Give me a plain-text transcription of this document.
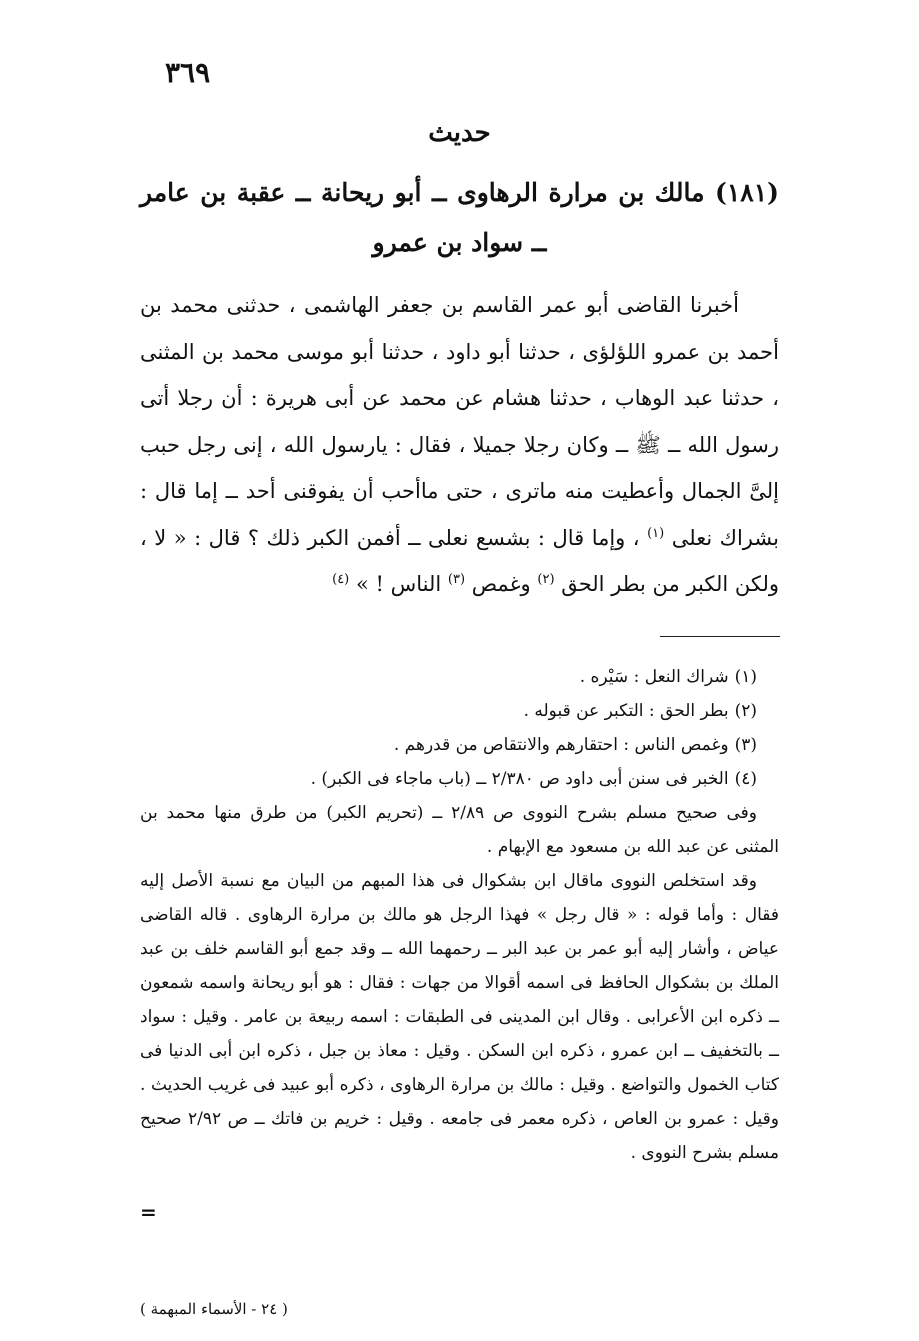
٣٦٩
حديث
(١٨١) مالك بن مرارة الرهاوى ــ أبو ريحانة ــ عقبة بن عامر ــ سواد بن عمرو

أخبرنا القاضى أبو عمر القاسم بن جعفر الهاشمى ، حدثنى محمد بن أحمد بن عمرو اللؤلؤى ، حدثنا أبو داود ، حدثنا أبو موسى محمد بن المثنى ، حدثنا عبد الوهاب ، حدثنا هشام عن محمد عن أبى هريرة : أن رجلا أتى رسول الله ــ ﷺ ــ وكان رجلا جميلا ، فقال : يارسول الله ، إنى رجل حبب إلىَّ الجمال وأعطيت منه ماترى ، حتى ماأحب أن يفوقنى أحد ــ إما قال : بشراك نعلى $^{(١)}$ ، وإما قال : بشسع نعلى ــ أفمن الكبر ذلك ؟ قال : « لا ، ولكن الكبر من بطر الحق $^{(٢)}$ وغمص $^{(٣)}$ الناس ! » $^{(٤)}$

(١)شراك النعل : سَيْره .
(٢)بطر الحق : التكبر عن قبوله .
(٣)وغمص الناس : احتقارهم والانتقاص من قدرهم .
(٤)الخبر فى سنن أبى داود ص ٢/٣٨٠ ــ (باب ماجاء فى الكبر) .

وفى صحيح مسلم بشرح النووى ص ٢/٨٩ ــ (تحريم الكبر) من طرق منها محمد بن المثنى عن عبد الله بن مسعود مع الإبهام .

وقد استخلص النووى ماقال ابن بشكوال فى هذا المبهم من البيان مع نسبة الأصل إليه فقال : وأما قوله : « قال رجل » فهذا الرجل هو مالك بن مرارة الرهاوى . قاله القاضى عياض ، وأشار إليه أبو عمر بن عبد البر ــ رحمهما الله ــ وقد جمع أبو القاسم خلف بن عبد الملك بن بشكوال الحافظ فى اسمه أقوالا من جهات : فقال : هو أبو ريحانة واسمه شمعون ــ ذكره ابن الأعرابى . وقال ابن المدينى فى الطبقات : اسمه ربيعة بن عامر . وقيل : سواد ــ بالتخفيف ــ ابن عمرو ، ذكره ابن السكن . وقيل : معاذ بن جبل ، ذكره ابن أبى الدنيا فى كتاب الخمول والتواضع . وقيل : مالك بن مرارة الرهاوى ، ذكره أبو عبيد فى غريب الحديث . وقيل : عمرو بن العاص ، ذكره معمر فى جامعه . وقيل : خريم بن فاتك ــ ص ٢/٩٢ صحيح مسلم بشرح النووى .

=
( ٢٤ - الأسماء المبهمة )
